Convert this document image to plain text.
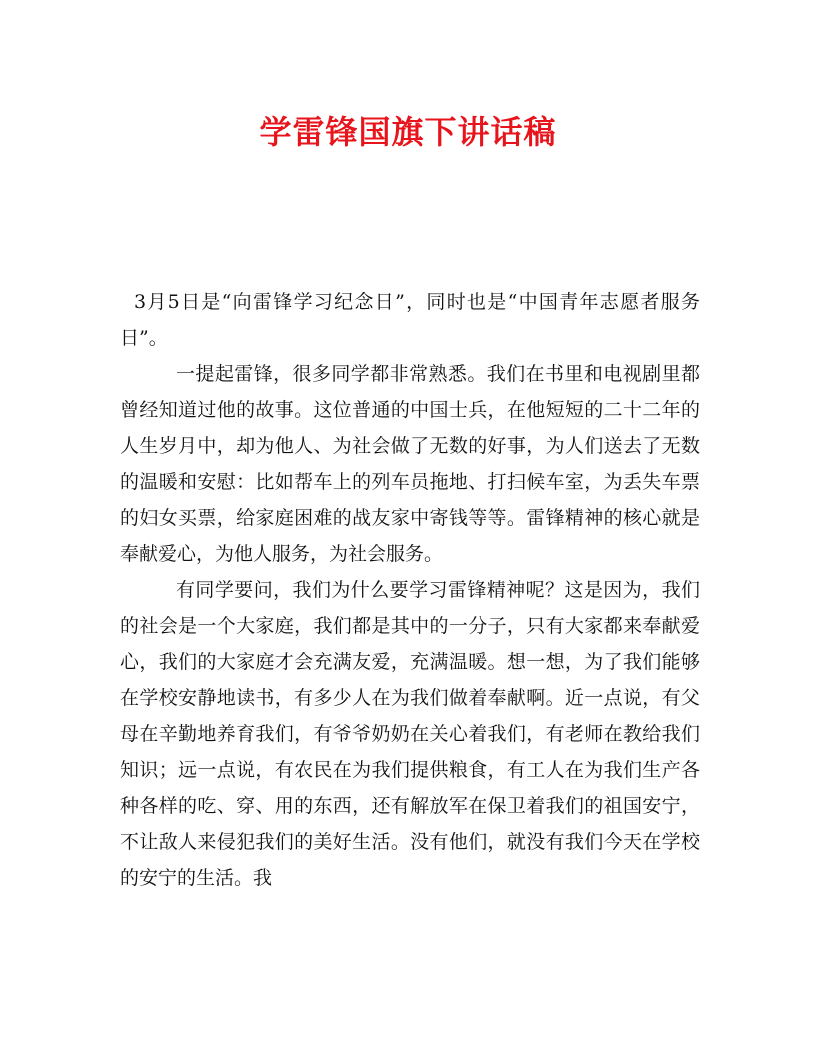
学雷锋国旗下讲话稿

3月5日是“向雷锋学习纪念日”，同时也是“中国青年志愿者服务日”。

一提起雷锋，很多同学都非常熟悉。我们在书里和电视剧里都曾经知道过他的故事。这位普通的中国士兵，在他短短的二十二年的人生岁月中，却为他人、为社会做了无数的好事，为人们送去了无数的温暖和安慰：比如帮车上的列车员拖地、打扫候车室，为丢失车票的妇女买票，给家庭困难的战友家中寄钱等等。雷锋精神的核心就是奉献爱心，为他人服务，为社会服务。

有同学要问，我们为什么要学习雷锋精神呢？这是因为，我们的社会是一个大家庭，我们都是其中的一分子，只有大家都来奉献爱心，我们的大家庭才会充满友爱，充满温暖。想一想，为了我们能够在学校安静地读书，有多少人在为我们做着奉献啊。近一点说，有父母在辛勤地养育我们，有爷爷奶奶在关心着我们，有老师在教给我们知识；远一点说，有农民在为我们提供粮食，有工人在为我们生产各种各样的吃、穿、用的东西，还有解放军在保卫着我们的祖国安宁，不让敌人来侵犯我们的美好生活。没有他们，就没有我们今天在学校的安宁的生活。我
